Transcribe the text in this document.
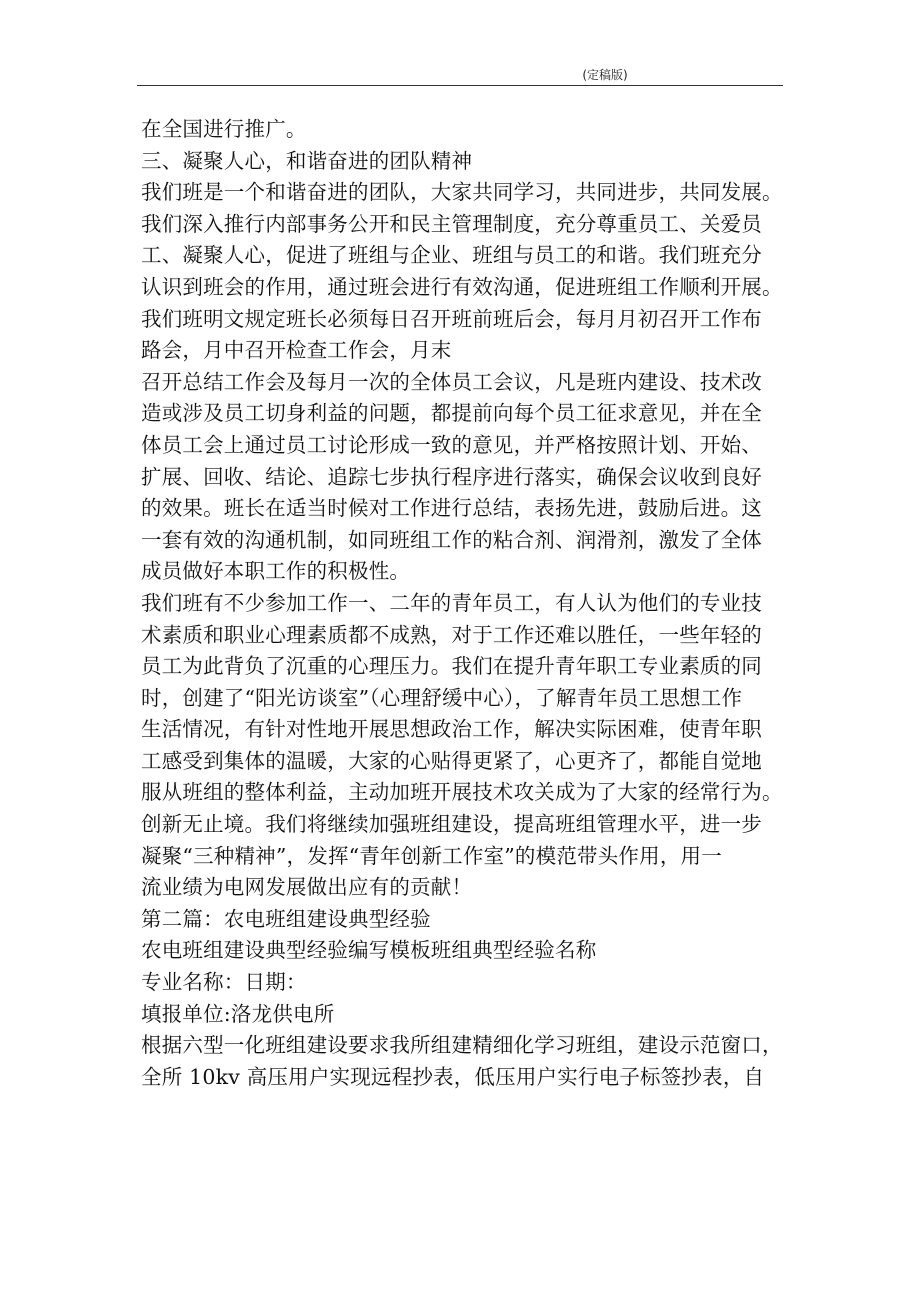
(定稿版)
在全国进行推广。
三、凝聚人心，和谐奋进的团队精神
我们班是一个和谐奋进的团队，大家共同学习，共同进步，共同发展。
我们深入推行内部事务公开和民主管理制度，充分尊重员工、关爱员
工、凝聚人心，促进了班组与企业、班组与员工的和谐。我们班充分
认识到班会的作用，通过班会进行有效沟通，促进班组工作顺利开展。
我们班明文规定班长必须每日召开班前班后会，每月月初召开工作布
路会，月中召开检查工作会，月末
召开总结工作会及每月一次的全体员工会议，凡是班内建设、技术改
造或涉及员工切身利益的问题，都提前向每个员工征求意见，并在全
体员工会上通过员工讨论形成一致的意见，并严格按照计划、开始、
扩展、回收、结论、追踪七步执行程序进行落实，确保会议收到良好
的效果。班长在适当时候对工作进行总结，表扬先进，鼓励后进。这
一套有效的沟通机制，如同班组工作的粘合剂、润滑剂，激发了全体
成员做好本职工作的积极性。
我们班有不少参加工作一、二年的青年员工，有人认为他们的专业技
术素质和职业心理素质都不成熟，对于工作还难以胜任，一些年轻的
员工为此背负了沉重的心理压力。我们在提升青年职工专业素质的同
时，创建了“阳光访谈室”（心理舒缓中心），了解青年员工思想工作
生活情况，有针对性地开展思想政治工作，解决实际困难，使青年职
工感受到集体的温暖，大家的心贴得更紧了，心更齐了，都能自觉地
服从班组的整体利益，主动加班开展技术攻关成为了大家的经常行为。
创新无止境。我们将继续加强班组建设，提高班组管理水平，进一步
凝聚“三种精神”，发挥“青年创新工作室”的模范带头作用，用一
流业绩为电网发展做出应有的贡献！
第二篇：农电班组建设典型经验
农电班组建设典型经验编写模板班组典型经验名称
专业名称：日期：
填报单位:洛龙供电所
根据六型一化班组建设要求我所组建精细化学习班组，建设示范窗口，
全所 10kv 高压用户实现远程抄表，低压用户实行电子标签抄表，自
